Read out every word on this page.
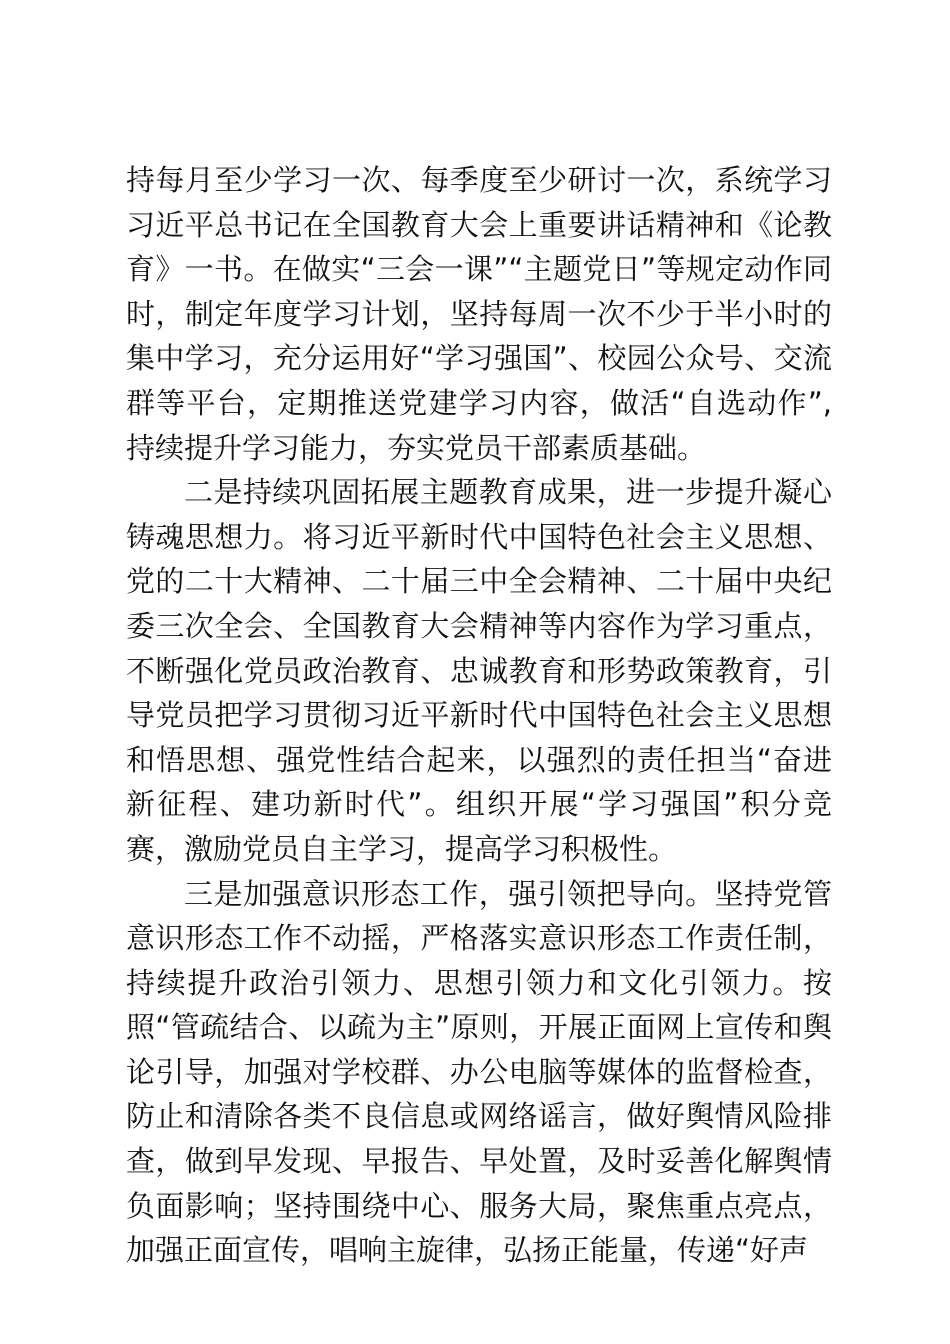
持每月至少学习一次、每季度至少研讨一次，系统学习习近平总书记在全国教育大会上重要讲话精神和《论教育》一书。在做实“三会一课”“主题党日”等规定动作同时，制定年度学习计划，坚持每周一次不少于半小时的集中学习，充分运用好“学习强国”、校园公众号、交流群等平台，定期推送党建学习内容，做活“自选动作”,持续提升学习能力，夯实党员干部素质基础。

二是持续巩固拓展主题教育成果，进一步提升凝心铸魂思想力。将习近平新时代中国特色社会主义思想、党的二十大精神、二十届三中全会精神、二十届中央纪委三次全会、全国教育大会精神等内容作为学习重点，不断强化党员政治教育、忠诚教育和形势政策教育，引导党员把学习贯彻习近平新时代中国特色社会主义思想和悟思想、强党性结合起来，以强烈的责任担当“奋进新征程、建功新时代”。组织开展“学习强国”积分竞赛，激励党员自主学习，提高学习积极性。

三是加强意识形态工作，强引领把导向。坚持党管意识形态工作不动摇，严格落实意识形态工作责任制，持续提升政治引领力、思想引领力和文化引领力。按照“管疏结合、以疏为主”原则，开展正面网上宣传和舆论引导，加强对学校群、办公电脑等媒体的监督检查，防止和清除各类不良信息或网络谣言，做好舆情风险排查，做到早发现、早报告、早处置，及时妥善化解舆情负面影响；坚持围绕中心、服务大局，聚焦重点亮点，加强正面宣传，唱响主旋律，弘扬正能量，传递“好声
